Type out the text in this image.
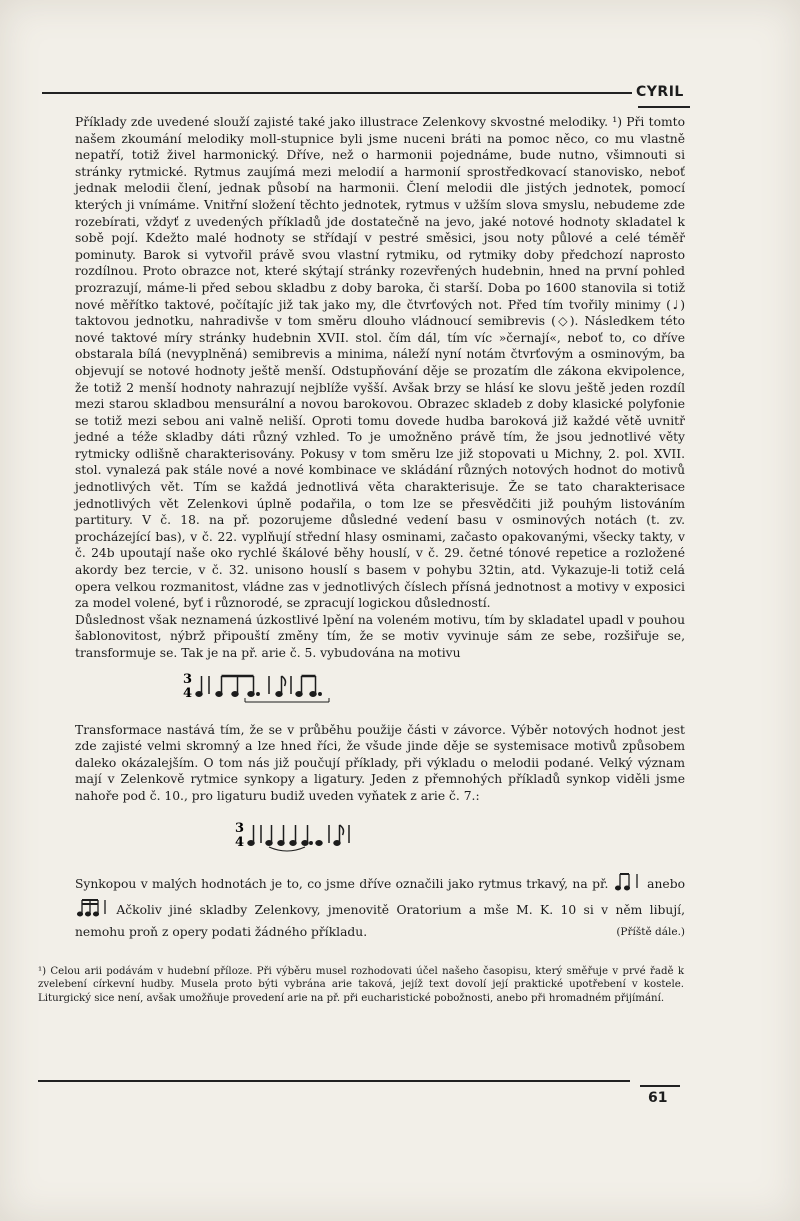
CYRIL

Příklady zde uvedené slouží zajisté také jako illustrace Zelenkovy skvostné melodiky. ¹) Při tomto našem zkoumání melodiky moll-stupnice byli jsme nuceni bráti na pomoc něco, co mu vlastně nepatří, totiž živel harmonický. Dříve, než o harmonii pojednáme, bude nutno, všimnouti si stránky rytmické. Rytmus zaujímá mezi melodií a harmonií sprostředkovací stanovisko, neboť jednak melodii člení, jednak působí na harmonii. Člení melodii dle jistých jednotek, pomocí kterých ji vnímáme. Vnitřní složení těchto jednotek, rytmus v užším slova smyslu, nebudeme zde rozebírati, vždyť z uvedených příkladů jde dostatečně na jevo, jaké notové hodnoty skladatel k sobě pojí. Kdežto malé hodnoty se střídají v pestré směsici, jsou noty půlové a celé téměř pominuty. Barok si vytvořil právě svou vlastní rytmiku, od rytmiky doby předchozí naprosto rozdílnou. Proto obrazce not, které skýtají stránky rozevřených hudebnin, hned na první pohled prozrazují, máme-li před sebou skladbu z doby baroka, či starší. Doba po 1600 stanovila si totiž nové měřítko taktové, počítajíc již tak jako my, dle čtvrťových not. Před tím tvořily minimy (♩) taktovou jednotku, nahradivše v tom směru dlouho vládnoucí semibrevis (◇). Následkem této nové taktové míry stránky hudebnin XVII. stol. čím dál, tím víc »černají«, neboť to, co dříve obstarala bílá (nevyplněná) semibrevis a minima, náleží nyní notám čtvrťovým a osminovým, ba objevují se notové hodnoty ještě menší. Odstupňování děje se prozatím dle zákona ekvipolence, že totiž 2 menší hodnoty nahrazují nejblíže vyšší. Avšak brzy se hlásí ke slovu ještě jeden rozdíl mezi starou skladbou mensurální a novou barokovou. Obrazec skladeb z doby klasické polyfonie se totiž mezi sebou ani valně neliší. Oproti tomu dovede hudba baroková již každé větě uvnitř jedné a téže skladby dáti různý vzhled. To je umožněno právě tím, že jsou jednotlivé věty rytmicky odlišně charakterisovány. Pokusy v tom směru lze již stopovati u Michny, 2. pol. XVII. stol. vynalezá pak stále nové a nové kombinace ve skládání různých notových hodnot do motivů jednotlivých vět. Tím se každá jednotlivá věta charakterisuje. Že se tato charakterisace jednotlivých vět Zelenkovi úplně podařila, o tom lze se přesvědčiti již pouhým listováním partitury. V č. 18. na př. pozorujeme důsledné vedení basu v osminových notách (t. zv. procházející bas), v č. 22. vyplňují střední hlasy osminami, začasto opakovanými, všecky takty, v č. 24b upoutají naše oko rychlé škálové běhy houslí, v č. 29. četné tónové repetice a rozložené akordy bez tercie, v č. 32. unisono houslí s basem v pohybu 32tin, atd. Vykazuje-li totiž celá opera velkou rozmanitost, vládne zas v jednotlivých číslech přísná jednotnost a motivy v exposici za model volené, byť i různorodé, se zpracují logickou důsledností.

Důslednost však neznamená úzkostlivé lpění na voleném motivu, tím by skladatel upadl v pouhou šablonovitost, nýbrž připouští změny tím, že se motiv vyvinuje sám ze sebe, rozšiřuje se, transformuje se. Tak je na př. arie č. 5. vybudována na motivu

3
4

Transformace nastává tím, že se v průběhu použije části v závorce. Výběr notových hodnot jest zde zajisté velmi skromný a lze hned říci, že všude jinde děje se systemisace motivů způsobem daleko okázalejším. O tom nás již poučují příklady, při výkladu o melodii podané. Velký význam mají v Zelenkově rytmice synkopy a ligatury. Jeden z přemnohých příkladů synkop viděli jsme nahoře pod č. 10., pro ligaturu budiž uveden vyňatek z arie č. 7.:

3
4

Synkopou v malých hodnotách je to, co jsme dříve označili jako rytmus trkavý, na př.	anebo  Ačkoliv jiné skladby Zelenkovy, jmenovitě Oratorium a mše M. K. 10 si v něm libují, nemohu proň z opery podati žádného příkladu.	(Příště dále.)

¹) Celou arii podávám v hudební příloze. Při výběru musel rozhodovati účel našeho časopisu, který směřuje v prvé řadě k zvelebení církevní hudby. Musela proto býti vybrána arie taková, jejíž text dovolí její praktické upotřebení v kostele. Liturgický sice není, avšak umožňuje provedení arie na př. při eucharistické pobožnosti, anebo při hromadném přijímání.
61
